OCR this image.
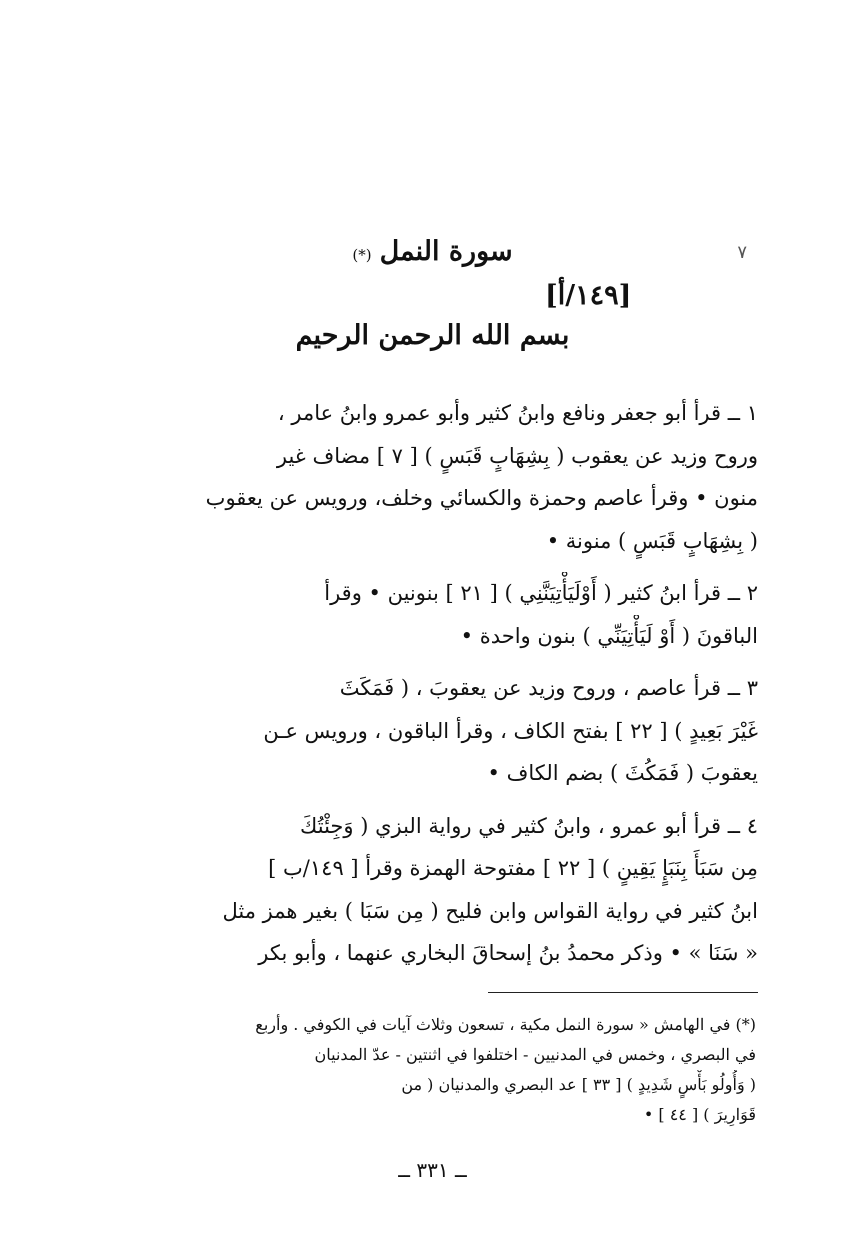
٧
سورة النمل(*)
[١٤٩/أ]
بسم الله الرحمن الرحيم

١ ــ قرأ أبو جعفر ونافع وابنُ كثير وأبو عمرو وابنُ عامر ،
وروح وزيد عن يعقوب ( بِشِهَابٍ قَبَسٍ ) [ ٧ ] مضاف غير
منون • وقرأ عاصم وحمزة والكسائي وخلف، ورويس عن يعقوب
( بِشِهَابٍ قَبَسٍ ) منونة •

٢ ــ قرأ ابنُ كثير ( أَوْلَيَأْتِيَنَّنِي ) [ ٢١ ] بنونين • وقرأ
الباقونَ ( أَوْ لَيَأْتِيَنِّي ) بنون واحدة •

٣ ــ قرأ عاصم ، وروح وزيد عن يعقوبَ ، ( فَمَكَثَ
غَيْرَ بَعِيدٍ ) [ ٢٢ ] بفتح الكاف ، وقرأ الباقون ، ورويس عـن
يعقوبَ ( فَمَكُثَ ) بضم الكاف •

٤ ــ قرأ أبو عمرو ، وابنُ كثير في رواية البزي ( وَجِئْتُكَ
مِن سَبَأَ بِنَبَإٍ يَقِينٍ ) [ ٢٢ ] مفتوحة الهمزة وقرأ [ ١٤٩/ب ]
ابنُ كثير في رواية القواس وابن فليح ( مِن سَبَا ) بغير همز مثل
« سَنَا » • وذكر محمدُ بنُ إسحاقَ البخاري عنهما ، وأبو بكر

(*) في الهامش « سورة النمل مكية ، تسعون وثلاث آيات في الكوفي . وأربع
في البصري ، وخمس في المدنيين - اختلفوا في اثنتين - عدّ المدنيان
( وَأُولُو بَأْسٍ شَدِيدٍ ) [ ٣٣ ] عد البصري والمدنيان ( من
قَوَارِيرَ ) [ ٤٤ ] •
ــ ٣٣١ ــ
